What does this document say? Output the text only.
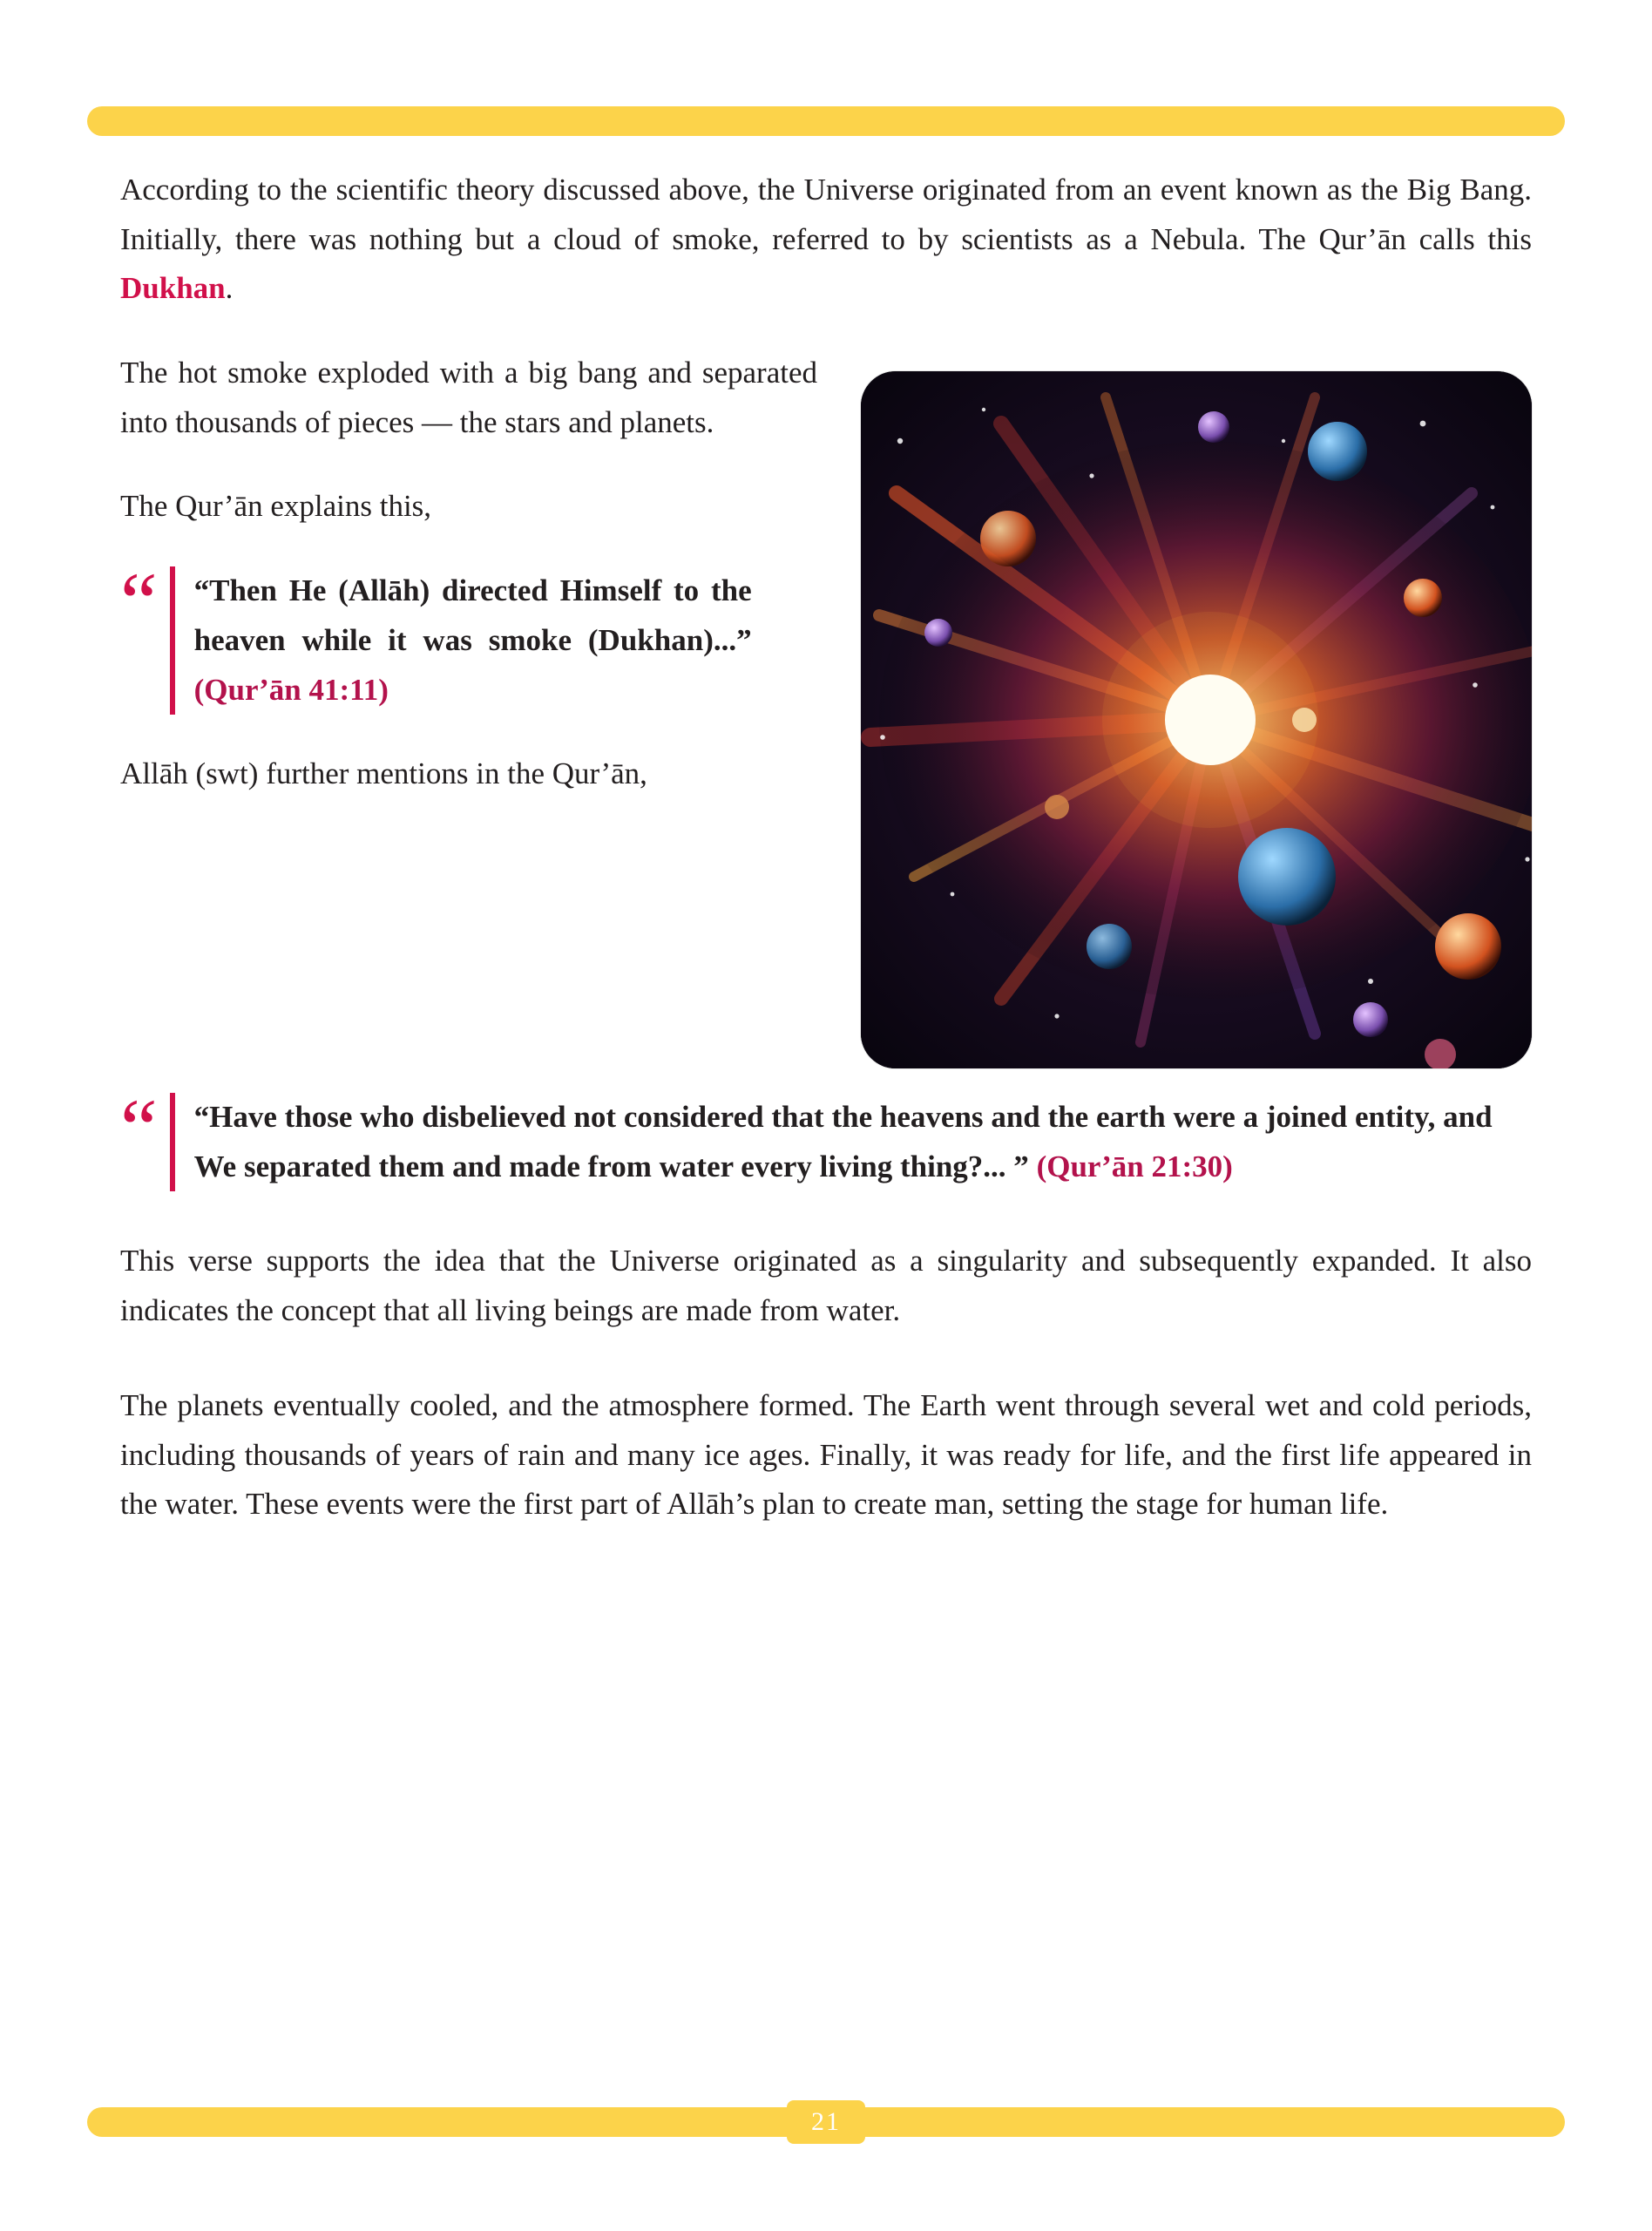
According to the scientific theory discussed above, the Universe originated from an event known as the Big Bang. Initially, there was nothing but a cloud of smoke, referred to by scientists as a Nebula. The Qur’ān calls this Dukhan.

The hot smoke exploded with a big bang and separated into thousands of pieces — the stars and planets.

The Qur’ān explains this,

“	“Then He (Allāh) directed Himself to the heaven while it was smoke (Dukhan)...” (Qur’ān 41:11)

Allāh (swt) further mentions in the Qur’ān,

“	“Have those who disbelieved not considered that the heavens and the earth were a joined entity, and We separated them and made from water every living thing?... ” (Qur’ān 21:30)

This verse supports the idea that the Universe originated as a singularity and subsequently expanded. It also indicates the concept that all living beings are made from water.

The planets eventually cooled, and the atmosphere formed. The Earth went through several wet and cold periods, including thousands of years of rain and many ice ages. Finally, it was ready for life, and the first life appeared in the water. These events were the first part of Allāh’s plan to create man, setting the stage for human life.

21
